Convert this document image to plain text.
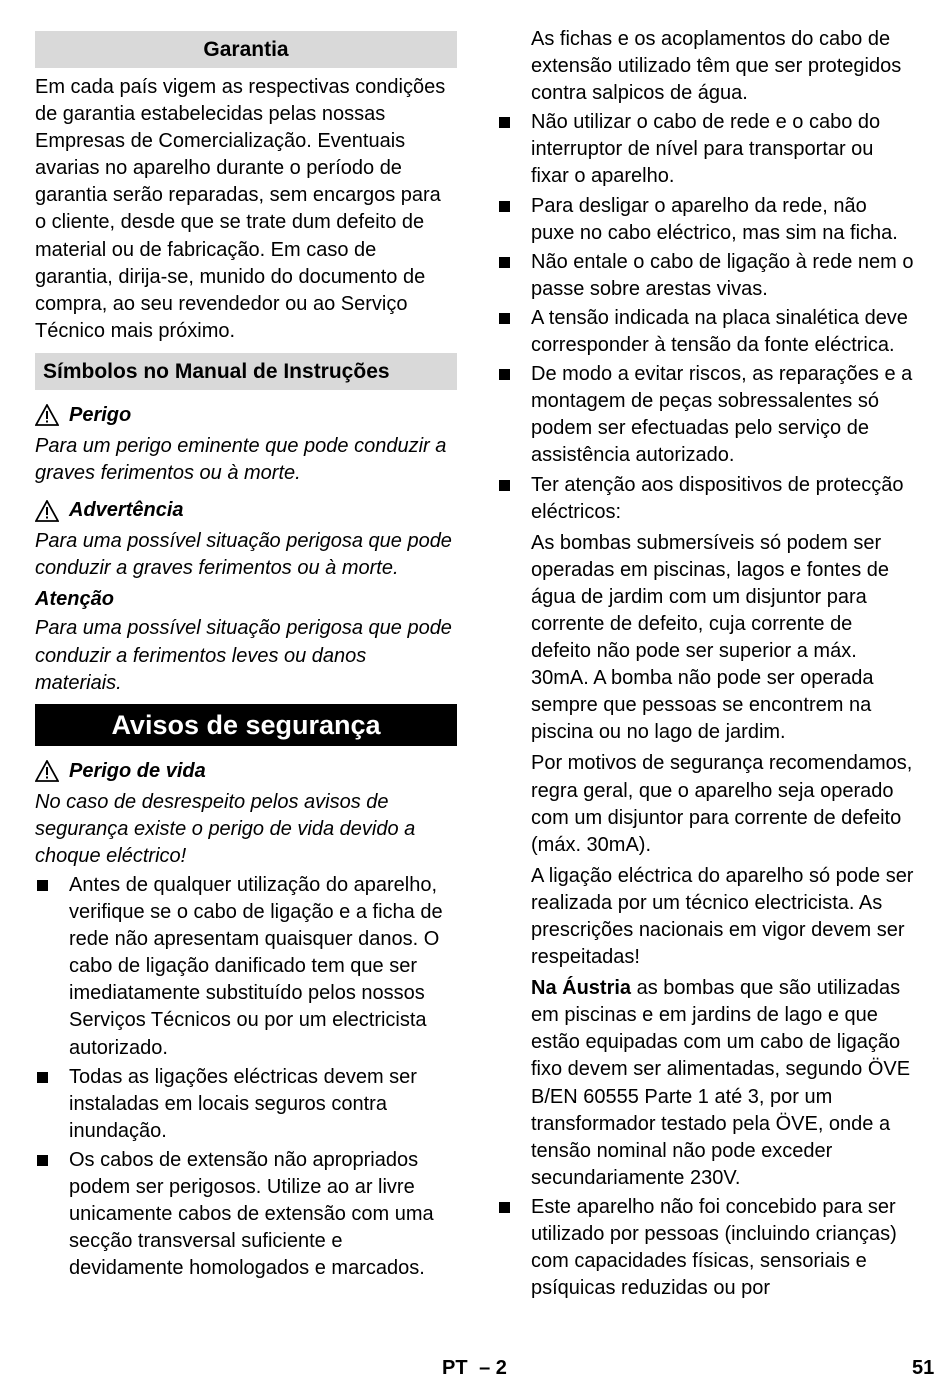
Garantia
Em cada país vigem as respectivas condições de garantia estabelecidas pelas nossas Empresas de Comercialização. Eventuais avarias no aparelho durante o período de garantia serão reparadas, sem encargos para o cliente, desde que se trate dum defeito de material ou de fabricação. Em caso de garantia, dirija-se, munido do documento de compra, ao seu revendedor ou ao Serviço Técnico mais próximo.
Símbolos no Manual de Instruções
Perigo
Para um perigo eminente que pode conduzir a graves ferimentos ou à morte.
Advertência
Para uma possível situação perigosa que pode conduzir a graves ferimentos ou à morte.
Atenção
Para uma possível situação perigosa que pode conduzir a ferimentos leves ou danos materiais.
Avisos de segurança
Perigo de vida
No caso de desrespeito pelos avisos de segurança existe o perigo de vida devido a choque eléctrico!
Antes de qualquer utilização do aparelho, verifique se o cabo de ligação e a ficha de rede não apresentam quaisquer danos. O cabo de ligação danificado tem que ser imediatamente substituído pelos nossos Serviços Técnicos ou por um electricista autorizado.
Todas as ligações eléctricas devem ser instaladas em locais seguros contra inundação.
Os cabos de extensão não apropriados podem ser perigosos. Utilize ao ar livre unicamente cabos de extensão com uma secção transversal suficiente e devidamente homologados e marcados.
As fichas e os acoplamentos do cabo de extensão utilizado têm que ser protegidos contra salpicos de água.
Não utilizar o cabo de rede e o cabo do interruptor de nível para transportar ou fixar o aparelho.
Para desligar o aparelho da rede, não puxe no cabo eléctrico, mas sim na ficha.
Não entale o cabo de ligação à rede nem o passe sobre arestas vivas.
A tensão indicada na placa sinalética deve corresponder à tensão da fonte eléctrica.
De modo a evitar riscos, as reparações e a montagem de peças sobressalentes só podem ser efectuadas pelo serviço de assistência autorizado.
Ter atenção aos dispositivos de protecção eléctricos:
As bombas submersíveis só podem ser operadas em piscinas, lagos e fontes de água de jardim com um disjuntor para corrente de defeito, cuja corrente de defeito não pode ser superior a máx. 30mA. A bomba não pode ser operada sempre que pessoas se encontrem na piscina ou no lago de jardim.
Por motivos de segurança recomendamos, regra geral, que o aparelho seja operado com um disjuntor para corrente de defeito (máx. 30mA).
A ligação eléctrica do aparelho só pode ser realizada por um técnico electricista. As prescrições nacionais em vigor devem ser respeitadas!
Na Áustria as bombas que são utilizadas em piscinas e em jardins de lago e que estão equipadas com um cabo de ligação fixo devem ser alimentadas, segundo ÖVE B/EN 60555 Parte 1 até 3, por um transformador testado pela ÖVE, onde a tensão nominal não pode exceder secundariamente 230V.
Este aparelho não foi concebido para ser utilizado por pessoas (incluindo crianças) com capacidades físicas, sensoriais e psíquicas reduzidas ou por
PT – 2	51
